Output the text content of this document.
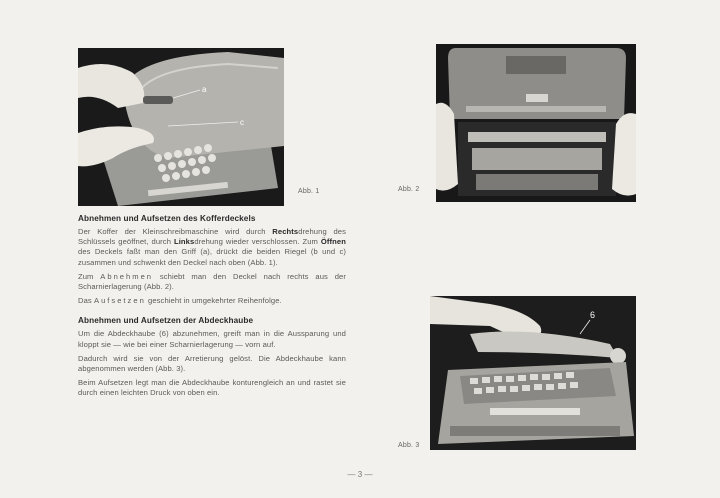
a
c
Abb. 1	Abb. 2

Abnehmen und Aufsetzen des Kofferdeckels

Der Koffer der Kleinschreibmaschine wird durch Rechtsdrehung des Schlüssels geöffnet, durch Linksdrehung wieder verschlossen. Zum Öffnen des Deckels faßt man den Griff (a), drückt die beiden Riegel (b und c) zusammen und schwenkt den Deckel nach oben (Abb. 1).

Zum Abnehmen schiebt man den Deckel nach rechts aus der Scharnierlagerung (Abb. 2).

Das Aufsetzen geschieht in umgekehrter Reihenfolge.

Abnehmen und Aufsetzen der Abdeckhaube

Um die Abdeckhaube (6) abzunehmen, greift man in die Aussparung und kloppt sie — wie bei einer Scharnierlagerung — vorn auf.

Dadurch wird sie von der Arretierung gelöst. Die Abdeckhaube kann abgenommen werden (Abb. 3).

Beim Aufsetzen legt man die Abdeckhaube konturengleich an und rastet sie durch einen leichten Druck von oben ein.

Abb. 3
6
— 3 —
